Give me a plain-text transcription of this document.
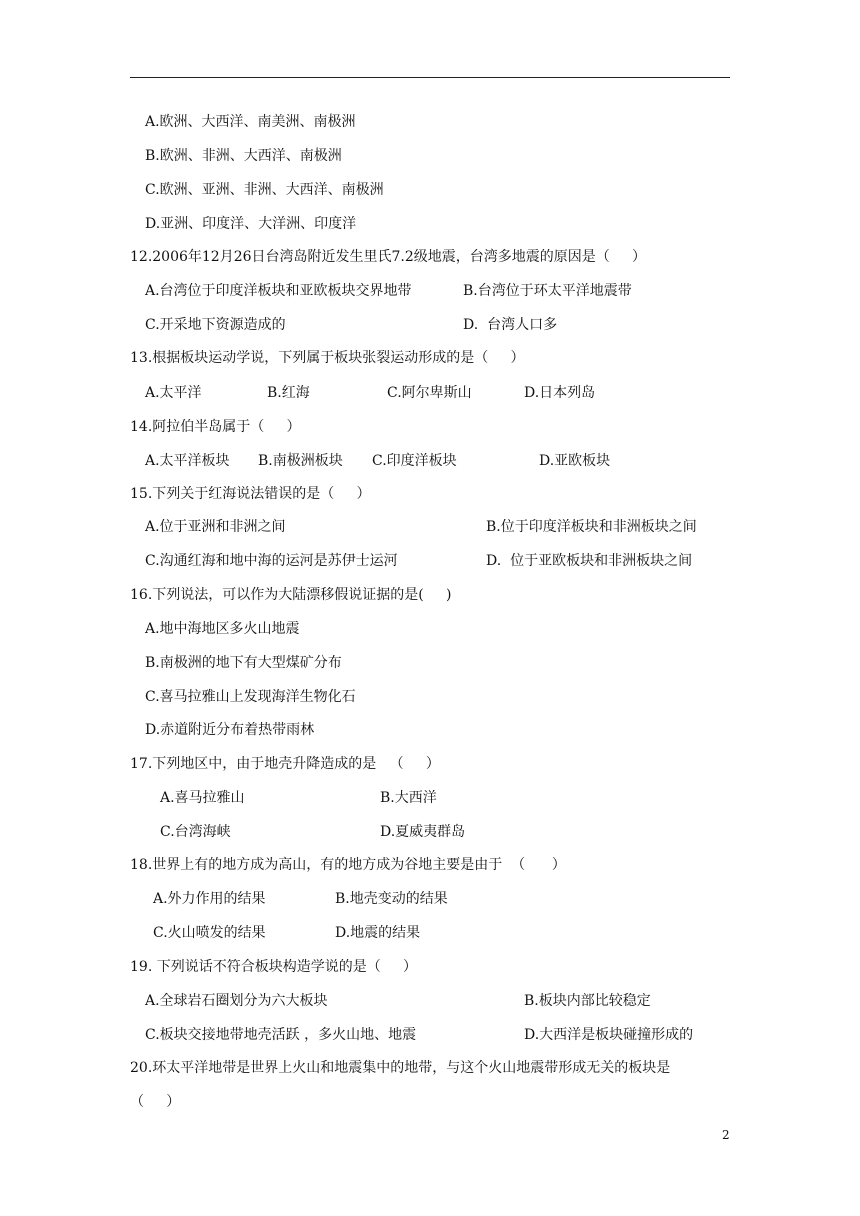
A.欧洲、大西洋、南美洲、南极洲
B.欧洲、非洲、大西洋、南极洲
C.欧洲、亚洲、非洲、大西洋、南极洲
D.亚洲、印度洋、大洋洲、印度洋
12.2006年12月26日台湾岛附近发生里氏7.2级地震，台湾多地震的原因是（     ）
A.台湾位于印度洋板块和亚欧板块交界地带	B.台湾位于环太平洋地震带
C.开采地下资源造成的	D.  台湾人口多
13.根据板块运动学说，下列属于板块张裂运动形成的是（     ）
A.太平洋	B.红海	C.阿尔卑斯山	D.日本列岛
14.阿拉伯半岛属于（     ）
A.太平洋板块 B.南极洲板块 C.印度洋板块	D.亚欧板块
15.下列关于红海说法错误的是（     ）
A.位于亚洲和非洲之间	B.位于印度洋板块和非洲板块之间
C.沟通红海和地中海的运河是苏伊士运河	D.  位于亚欧板块和非洲板块之间
16.下列说法，可以作为大陆漂移假说证据的是(     )
A.地中海地区多火山地震
B.南极洲的地下有大型煤矿分布
C.喜马拉雅山上发现海洋生物化石
D.赤道附近分布着热带雨林
17.下列地区中，由于地壳升降造成的是   （     ）
A.喜马拉雅山	B.大西洋
C.台湾海峡	D.夏威夷群岛
18.世界上有的地方成为高山，有的地方成为谷地主要是由于  （      ）
A.外力作用的结果	B.地壳变动的结果
C.火山喷发的结果	D.地震的结果
19. 下列说话不符合板块构造学说的是（     ）
A.全球岩石圈划分为六大板块	B.板块内部比较稳定
C.板块交接地带地壳活跃 ，多火山地、地震	D.大西洋是板块碰撞形成的
20.环太平洋地带是世界上火山和地震集中的地带，与这个火山地震带形成无关的板块是
（     ）
2
